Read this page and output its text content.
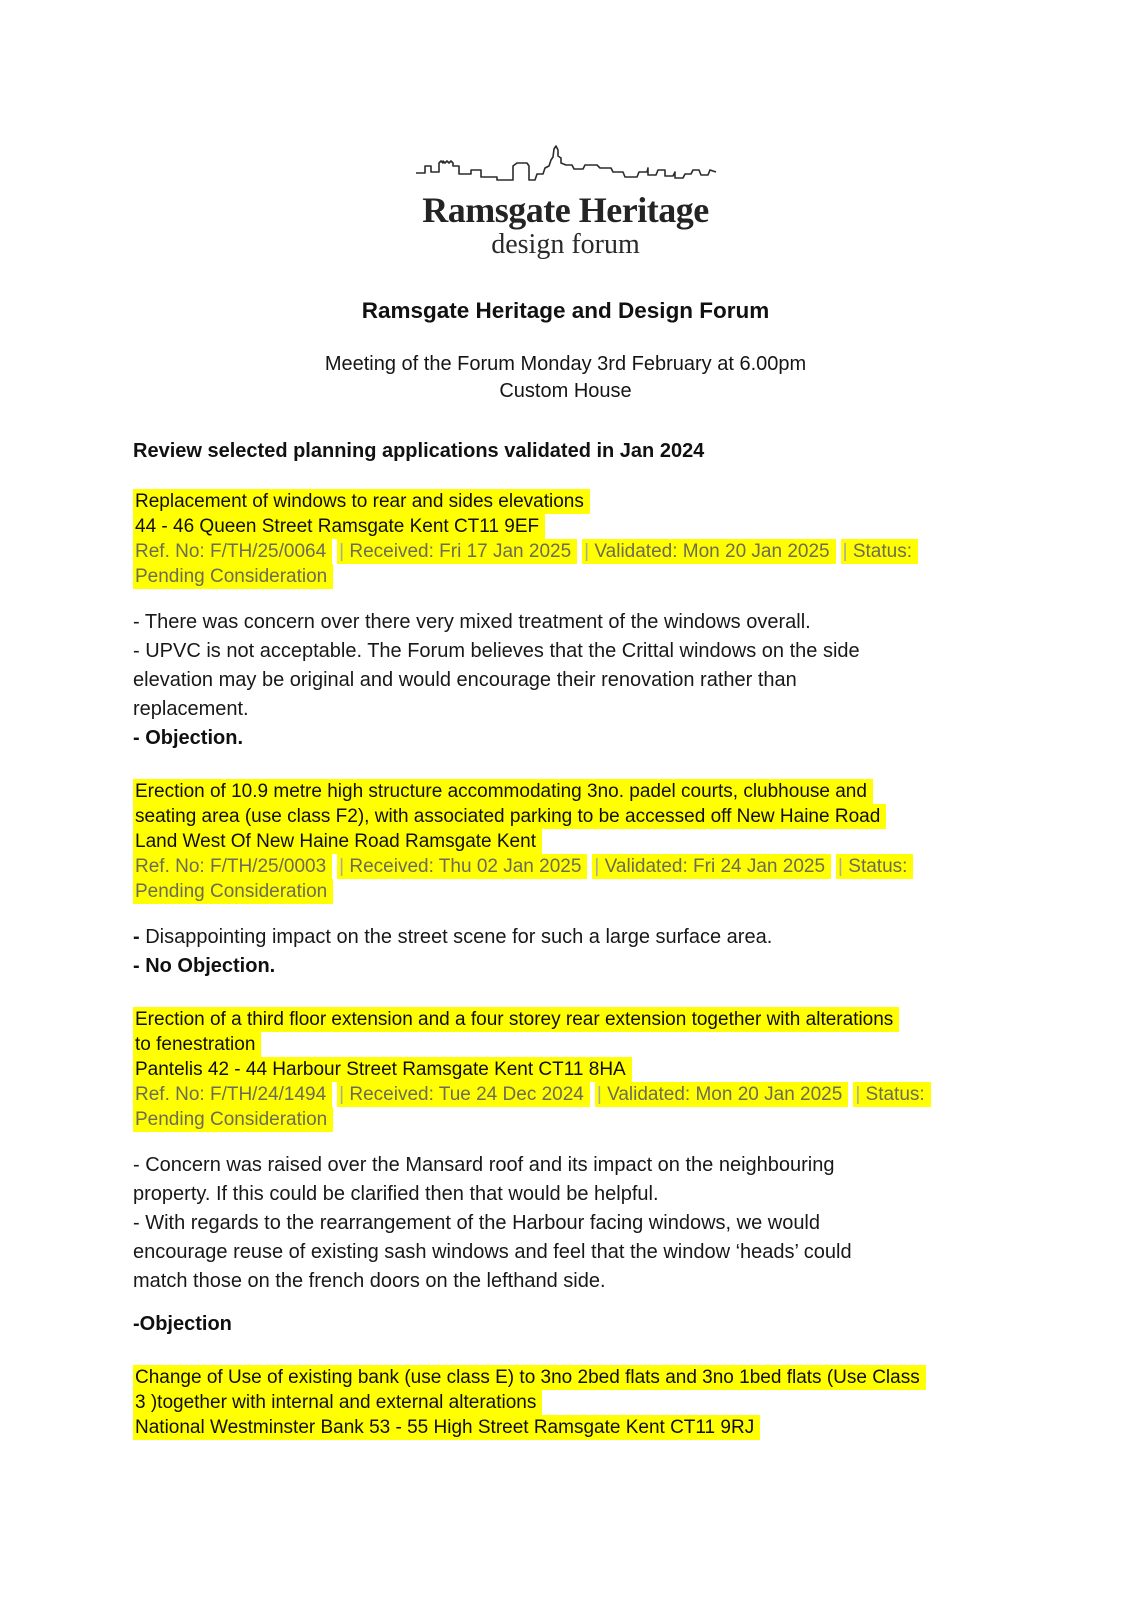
Ramsgate Heritage
design forum
Ramsgate Heritage and Design Forum

Meeting of the Forum Monday 3rd February at 6.00pm
Custom House

Review selected planning applications validated in Jan 2024
Replacement of windows to rear and sides elevations
44 - 46 Queen Street Ramsgate Kent CT11 9EF
Ref. No: F/TH/25/0064 | Received: Fri 17 Jan 2025 | Validated: Mon 20 Jan 2025 | Status:
Pending Consideration
- There was concern over there very mixed treatment of the windows overall.
- UPVC is not acceptable. The Forum believes that the Crittal windows on the side
elevation may be original and would encourage their renovation rather than
replacement.
- Objection.
Erection of 10.9 metre high structure accommodating 3no. padel courts, clubhouse and
seating area (use class F2), with associated parking to be accessed off New Haine Road
Land West Of New Haine Road Ramsgate Kent
Ref. No: F/TH/25/0003 | Received: Thu 02 Jan 2025 | Validated: Fri 24 Jan 2025 | Status:
Pending Consideration
- Disappointing impact on the street scene for such a large surface area.
- No Objection.
Erection of a third floor extension and a four storey rear extension together with alterations
to fenestration
Pantelis 42 - 44 Harbour Street Ramsgate Kent CT11 8HA
Ref. No: F/TH/24/1494 | Received: Tue 24 Dec 2024 | Validated: Mon 20 Jan 2025 | Status:
Pending Consideration
- Concern was raised over the Mansard roof and its impact on the neighbouring
property. If this could be clarified then that would be helpful.
- With regards to the rearrangement of the Harbour facing windows, we would
encourage reuse of existing sash windows and feel that the window ‘heads’ could
match those on the french doors on the lefthand side.
-Objection
Change of Use of existing bank (use class E) to 3no 2bed flats and 3no 1bed flats (Use Class
3 )together with internal and external alterations
National Westminster Bank 53 - 55 High Street Ramsgate Kent CT11 9RJ
